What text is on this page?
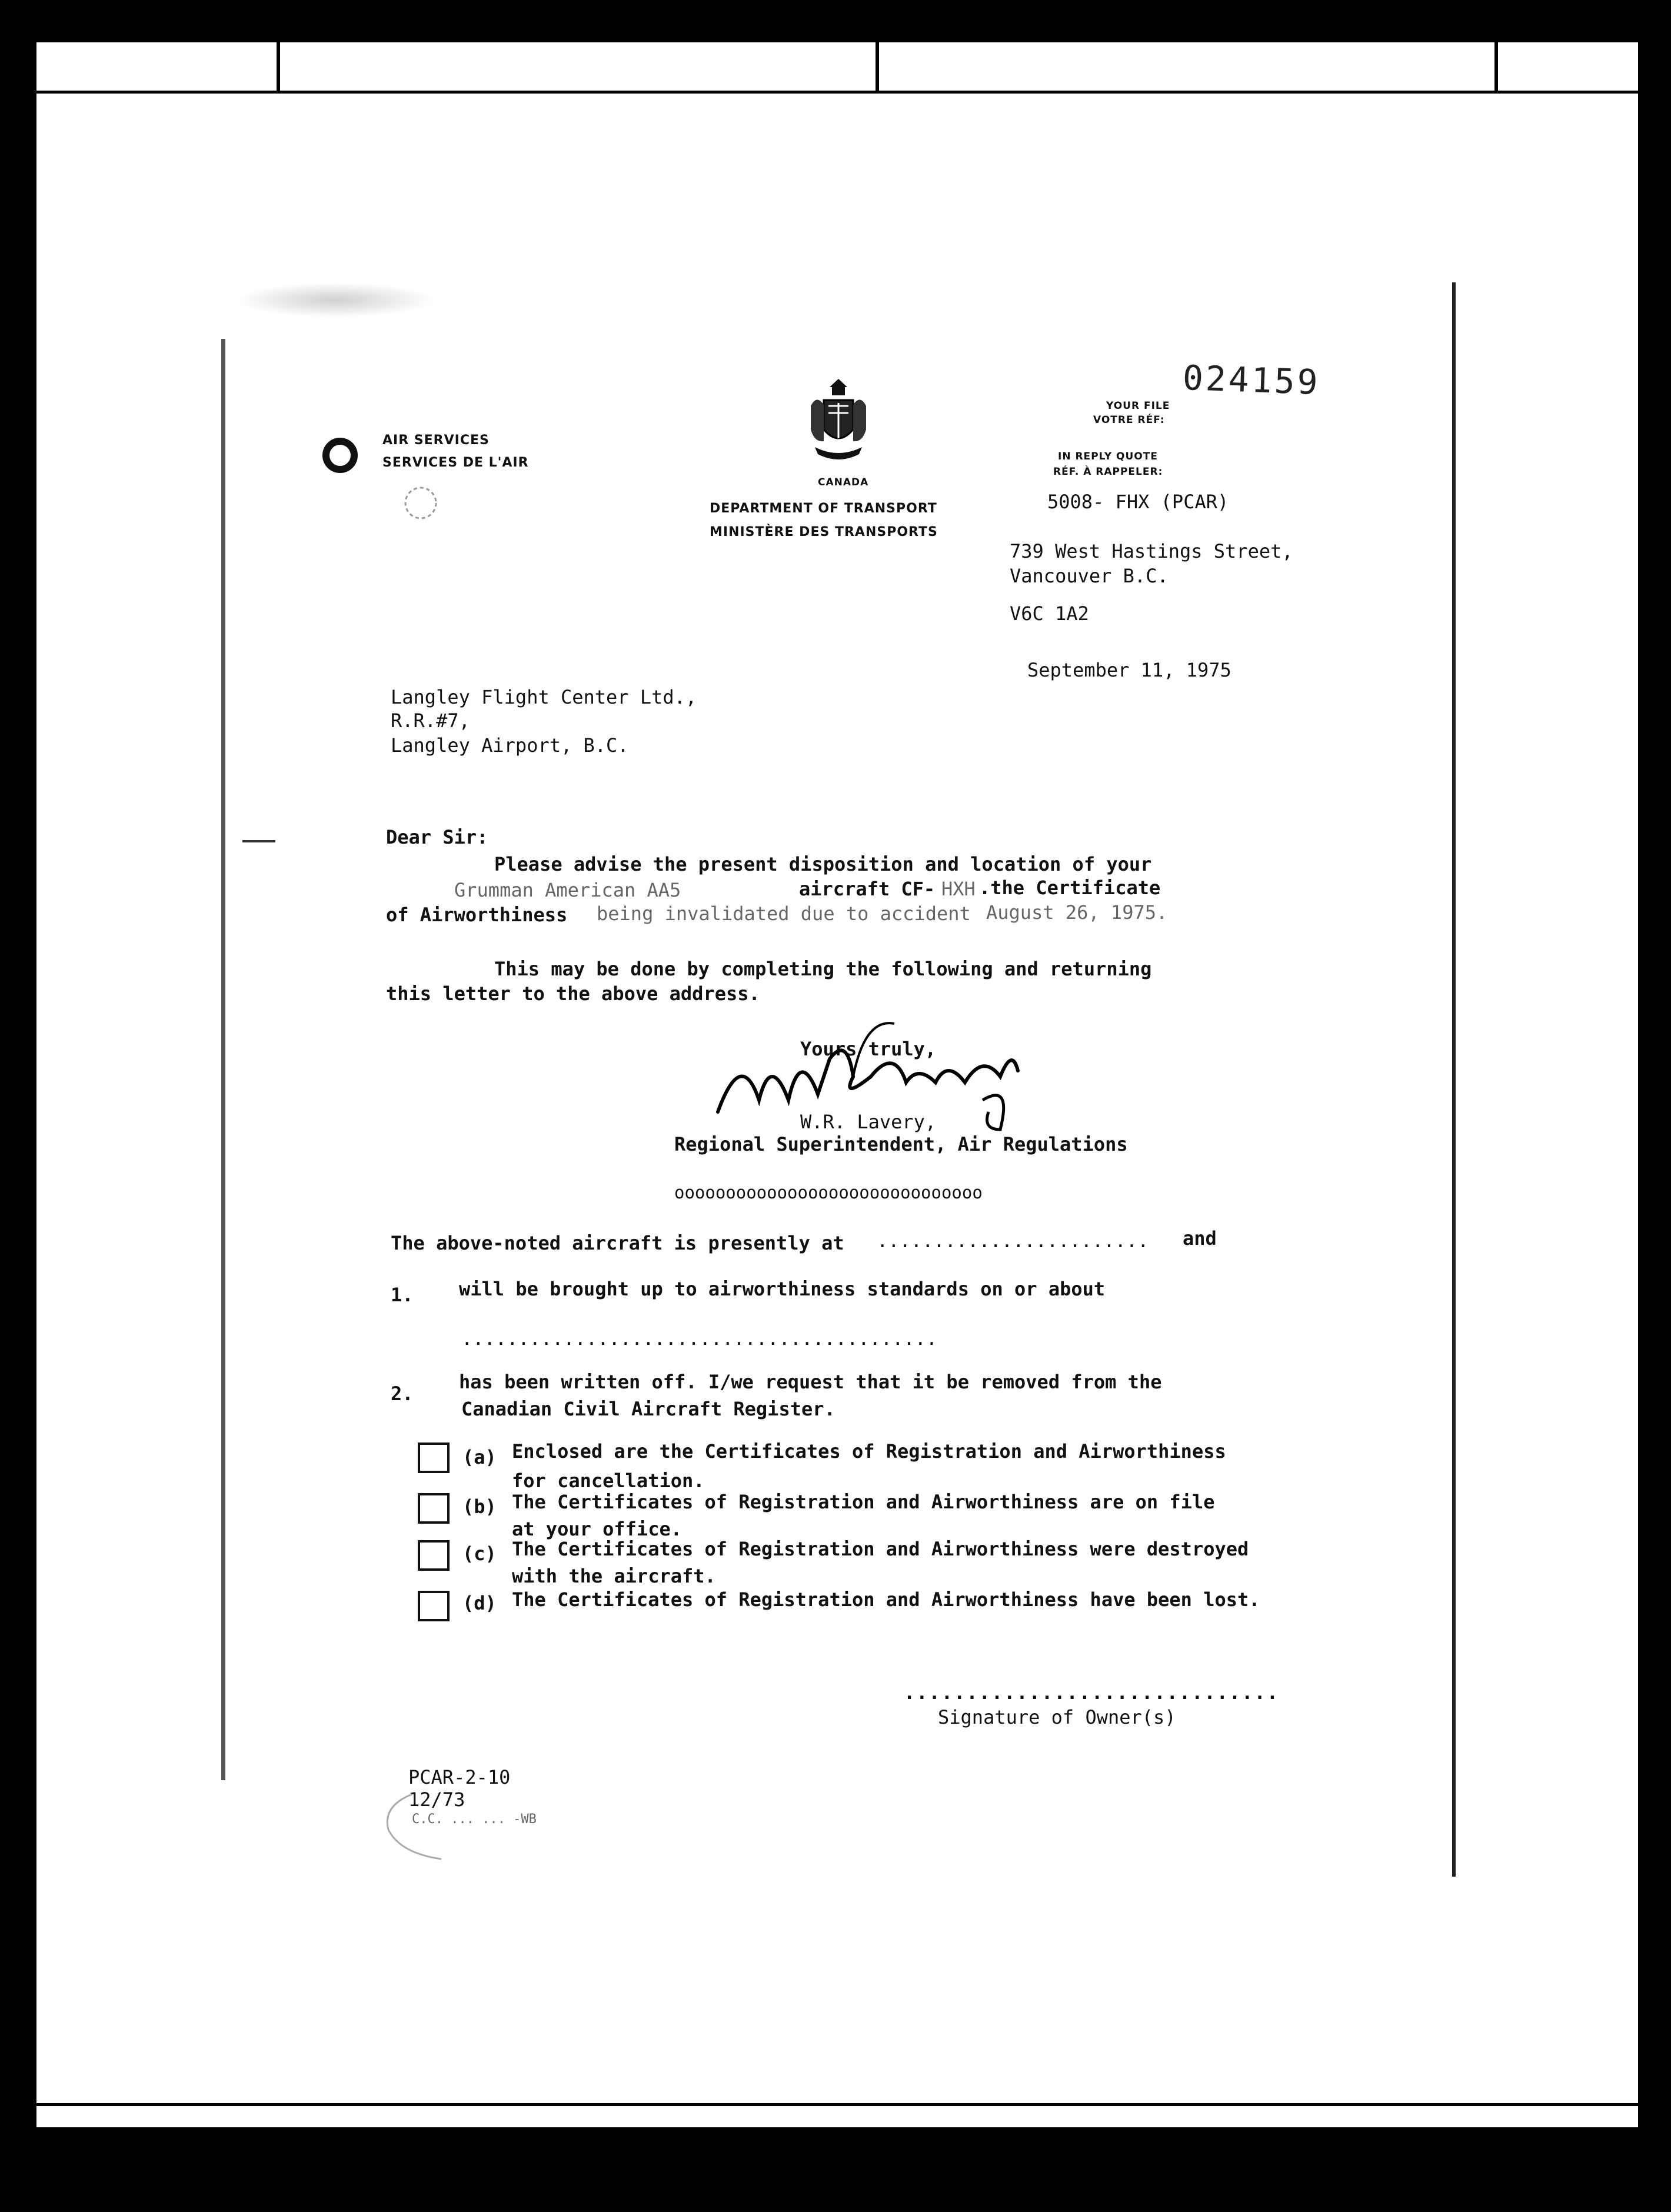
024159
AIR SERVICES
SERVICES DE L'AIR
CANADA
DEPARTMENT OF TRANSPORT
MINISTÈRE DES TRANSPORTS
YOUR FILE
VOTRE RÉF:
IN REPLY QUOTE
RÉF. À RAPPELER:
5008- FHX (PCAR)
739 West Hastings Street,
Vancouver B.C.
V6C 1A2
September 11, 1975
Langley Flight Center Ltd.,
R.R.#7,
Langley Airport, B.C.
Dear Sir:
Please advise the present disposition and location of your
Grumman American AA5	aircraft CF- HXH .the Certificate
of Airworthiness being invalidated due to accident August 26, 1975.
This may be done by completing the following and returning
this letter to the above address.
Yours truly,
W.R. Lavery,
Regional Superintendent, Air Regulations
oooooooooooooooooooooooooooooo
The above-noted aircraft is presently at ........................ and
1. will be brought up to airworthiness standards on or about
..........................................
2.
has been written off. I/we request that it be removed from the
Canadian Civil Aircraft Register.
(a) Enclosed are the Certificates of Registration and Airworthiness
for cancellation.
(b) The Certificates of Registration and Airworthiness are on file
at your office.
(c) The Certificates of Registration and Airworthiness were destroyed
with the aircraft.
(d) The Certificates of Registration and Airworthiness have been lost.
..............................
Signature of Owner(s)
PCAR-2-10
12/73
C.C. ... ... -WB
